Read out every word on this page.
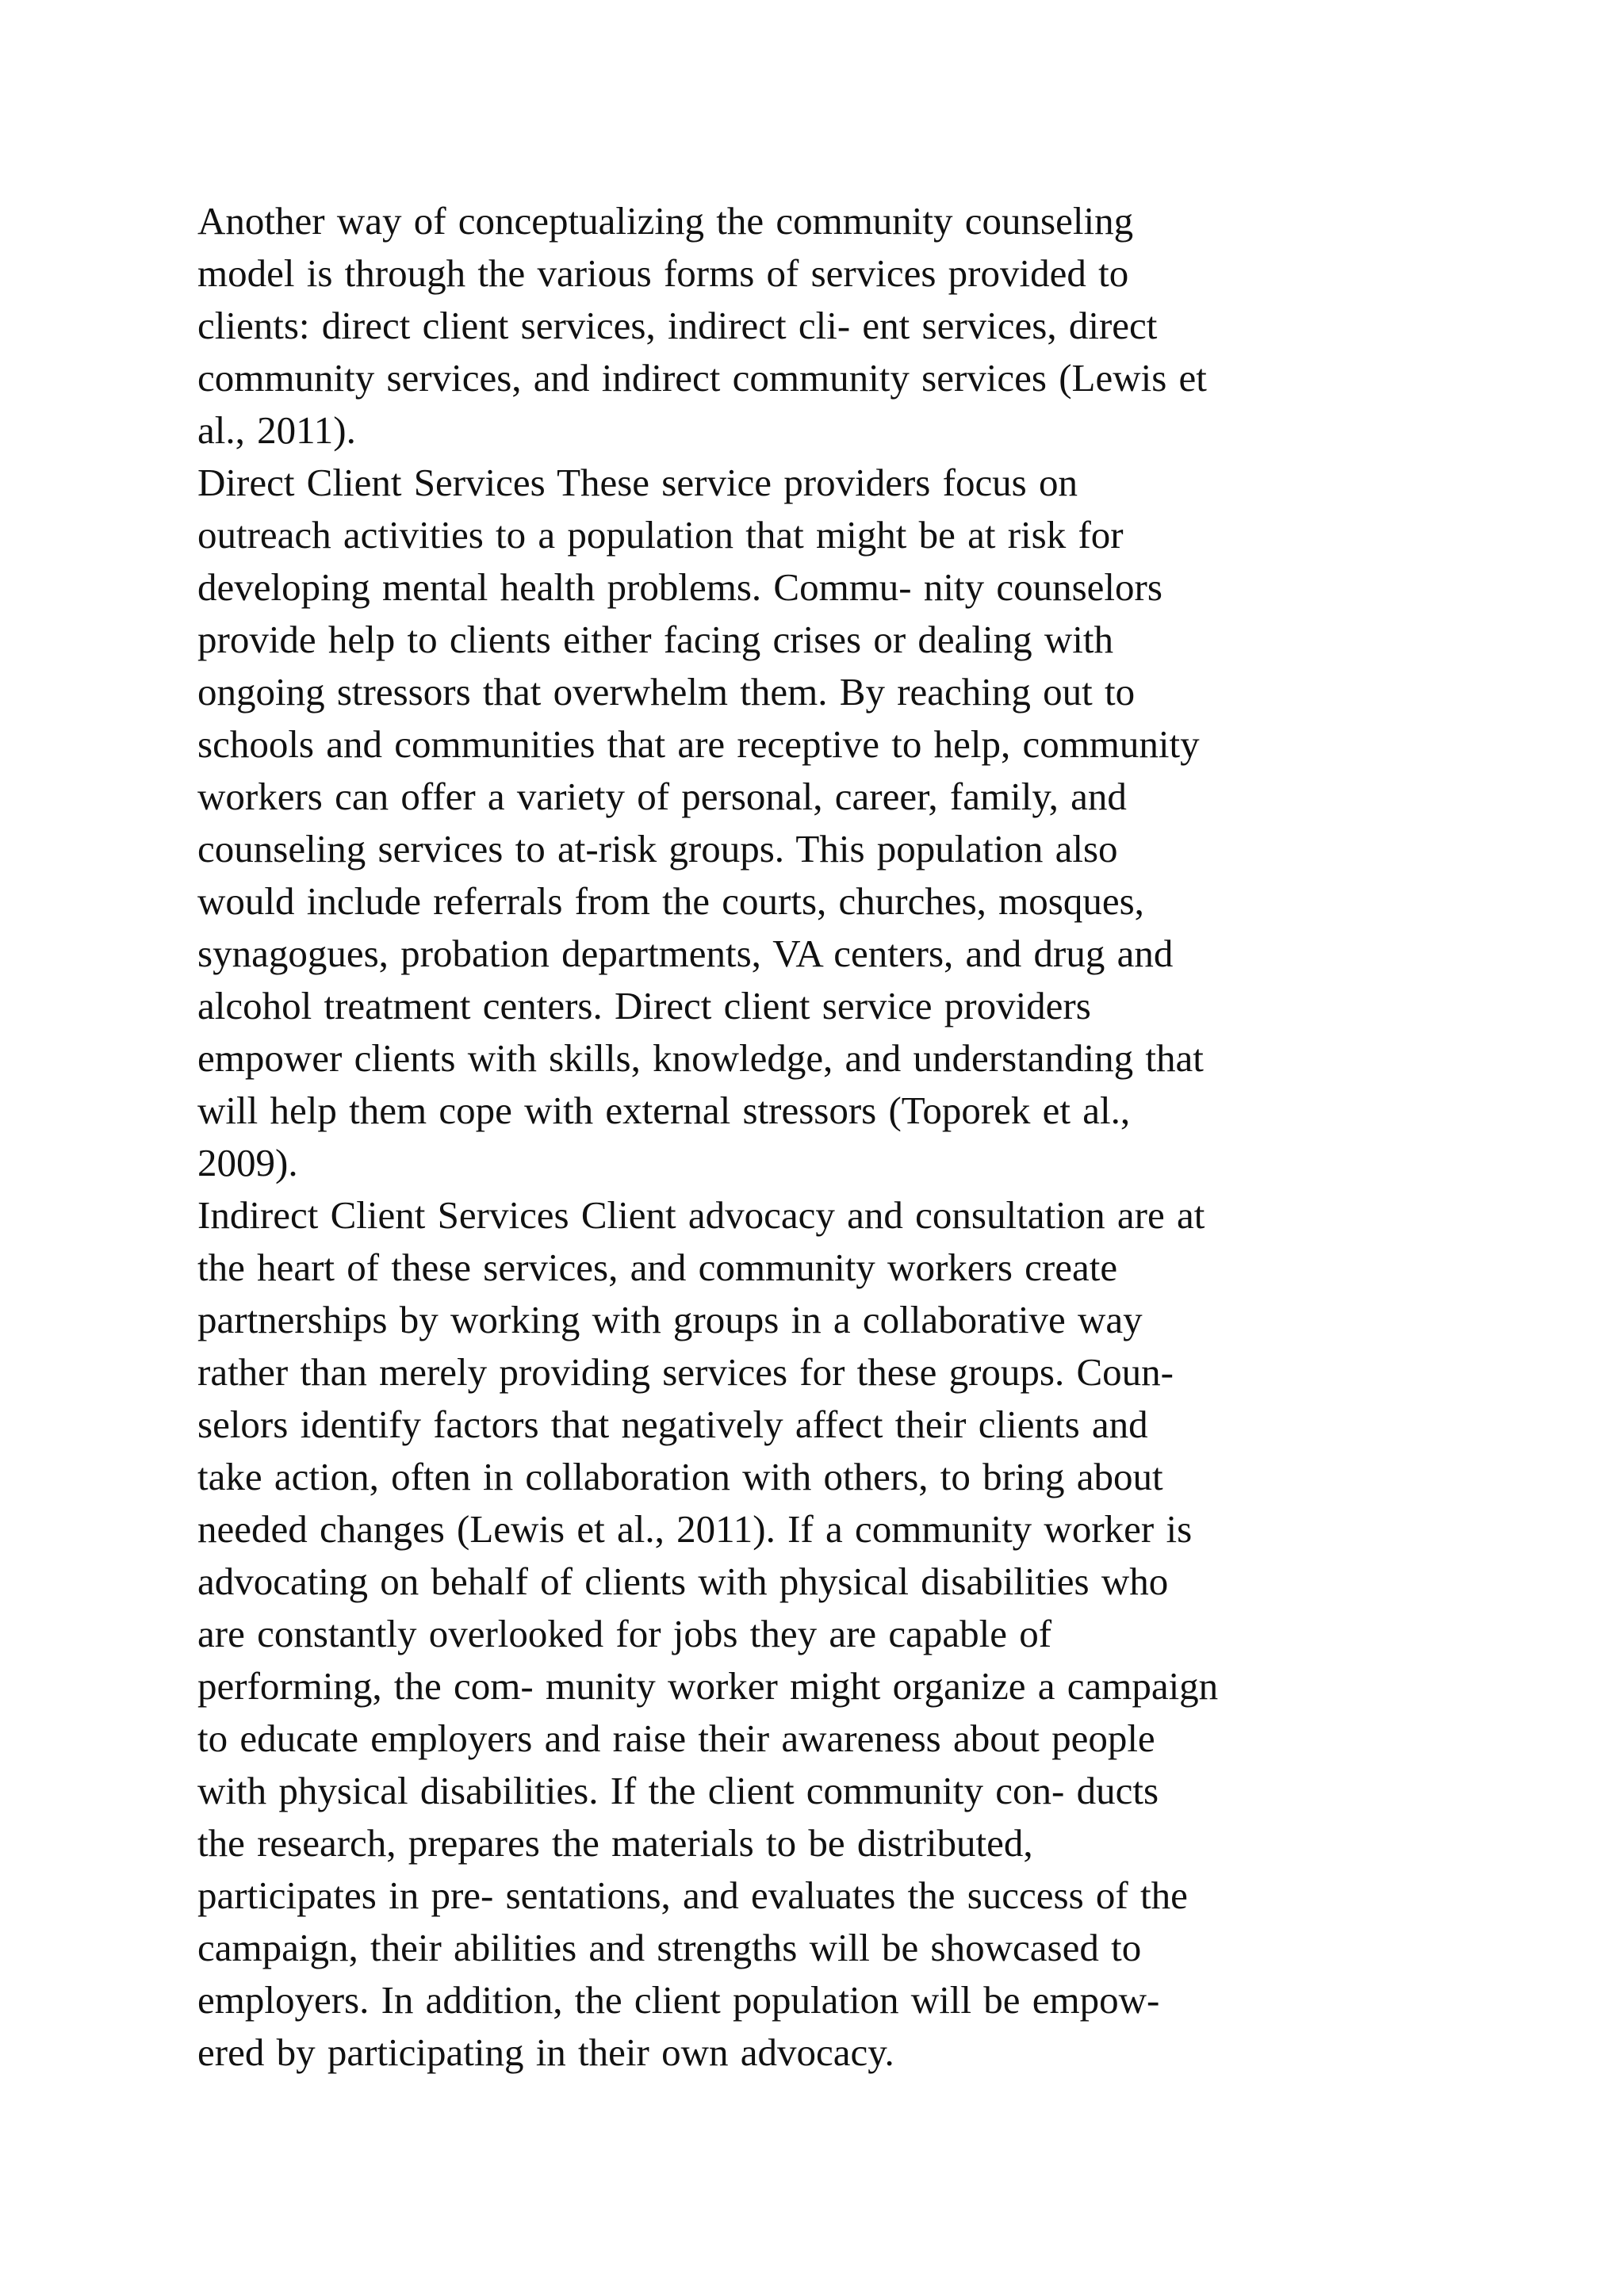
Another way of conceptualizing the community counseling
model is through the various forms of services provided to
clients: direct client services, indirect cli- ent services, direct
community services, and indirect community services (Lewis et
al., 2011).
Direct Client Services These service providers focus on
outreach activities to a population that might be at risk for
developing mental health problems. Commu- nity counselors
provide help to clients either facing crises or dealing with
ongoing stressors that overwhelm them. By reaching out to
schools and communities that are receptive to help, community
workers can offer a variety of personal, career, family, and
counseling services to at-risk groups. This population also
would include referrals from the courts, churches, mosques,
synagogues, probation departments, VA centers, and drug and
alcohol treatment centers. Direct client service providers
empower clients with skills, knowledge, and understanding that
will help them cope with external stressors (Toporek et al.,
2009).
Indirect Client Services Client advocacy and consultation are at
the heart of these services, and community workers create
partnerships by working with groups in a collaborative way
rather than merely providing services for these groups. Coun-
selors identify factors that negatively affect their clients and
take action, often in collaboration with others, to bring about
needed changes (Lewis et al., 2011). If a community worker is
advocating on behalf of clients with physical disabilities who
are constantly overlooked for jobs they are capable of
performing, the com- munity worker might organize a campaign
to educate employers and raise their awareness about people
with physical disabilities. If the client community con- ducts
the research, prepares the materials to be distributed,
participates in pre- sentations, and evaluates the success of the
campaign, their abilities and strengths will be showcased to
employers. In addition, the client population will be empow-
ered by participating in their own advocacy.
